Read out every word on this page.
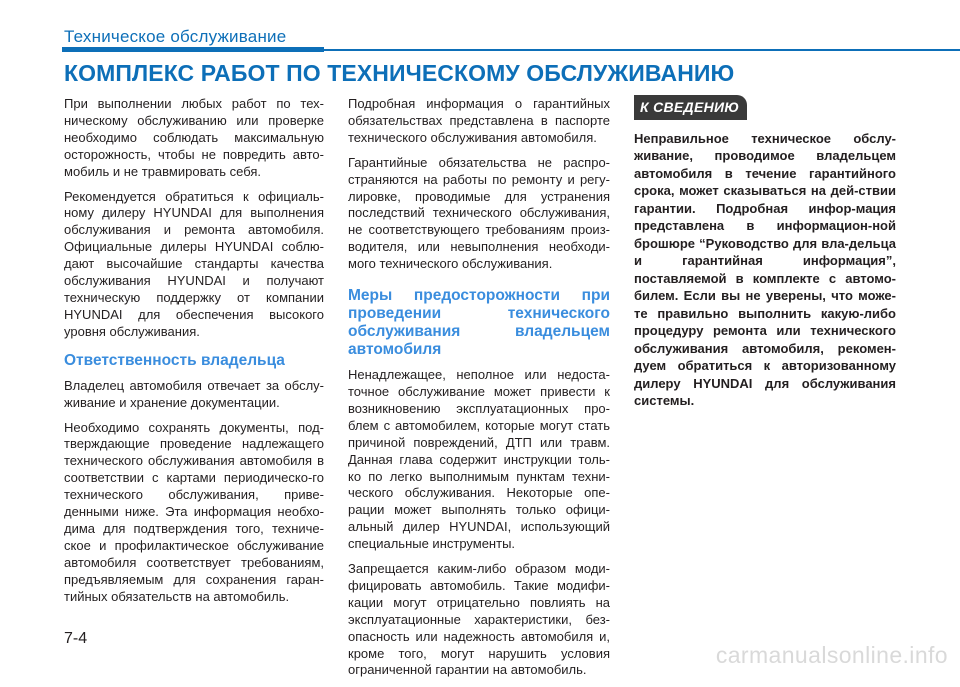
Техническое обслуживание
КОМПЛЕКС РАБОТ ПО ТЕХНИЧЕСКОМУ ОБСЛУЖИВАНИЮ

При выполнении любых работ по тех-ническому обслуживанию или проверке необходимо соблюдать максимальную осторожность, чтобы не повредить авто-мобиль и не травмировать себя.

Рекомендуется обратиться к официаль-ному дилеру HYUNDAI для выполнения обслуживания и ремонта автомобиля. Официальные дилеры HYUNDAI соблю-дают высочайшие стандарты качества обслуживания HYUNDAI и получают техническую поддержку от компании HYUNDAI для обеспечения высокого уровня обслуживания.

Ответственность владельца

Владелец автомобиля отвечает за обслу-живание и хранение документации.

Необходимо сохранять документы, под-тверждающие проведение надлежащего технического обслуживания автомобиля в соответствии с картами периодическо-го технического обслуживания, приве-денными ниже. Эта информация необхо-дима для подтверждения того, техниче-ское и профилактическое обслуживание автомобиля соответствует требованиям, предъявляемым для сохранения гаран-тийных обязательств на автомобиль.

Подробная информация о гарантийных обязательствах представлена в паспорте технического обслуживания автомобиля.

Гарантийные обязательства не распро-страняются на работы по ремонту и регу-лировке, проводимые для устранения последствий технического обслуживания, не соответствующего требованиям произ-водителя, или невыполнения необходи-мого технического обслуживания.

Меры предосторожности при проведении технического обслуживания владельцем автомобиля

Ненадлежащее, неполное или недоста-точное обслуживание может привести к возникновению эксплуатационных про-блем с автомобилем, которые могут стать причиной повреждений, ДТП или травм. Данная глава содержит инструкции толь-ко по легко выполнимым пунктам техни-ческого обслуживания. Некоторые опе-рации может выполнять только офици-альный дилер HYUNDAI, использующий специальные инструменты.

Запрещается каким-либо образом моди-фицировать автомобиль. Такие модифи-кации могут отрицательно повлиять на эксплуатационные характеристики, без-опасность или надежность автомобиля и, кроме того, могут нарушить условия ограниченной гарантии на автомобиль.

К СВЕДЕНИЮ
Неправильное техническое обслу-живание, проводимое владельцем автомобиля в течение гарантийного срока, может сказываться на дей-ствии гарантии. Подробная инфор-мация представлена в информацион-ной брошюре “Руководство для вла-дельца и гарантийная информация”, поставляемой в комплекте с автомо-билем. Если вы не уверены, что може-те правильно выполнить какую-либо процедуру ремонта или технического обслуживания автомобиля, рекомен-дуем обратиться к авторизованному дилеру HYUNDAI для обслуживания системы.
7-4
carmanualsonline.info
